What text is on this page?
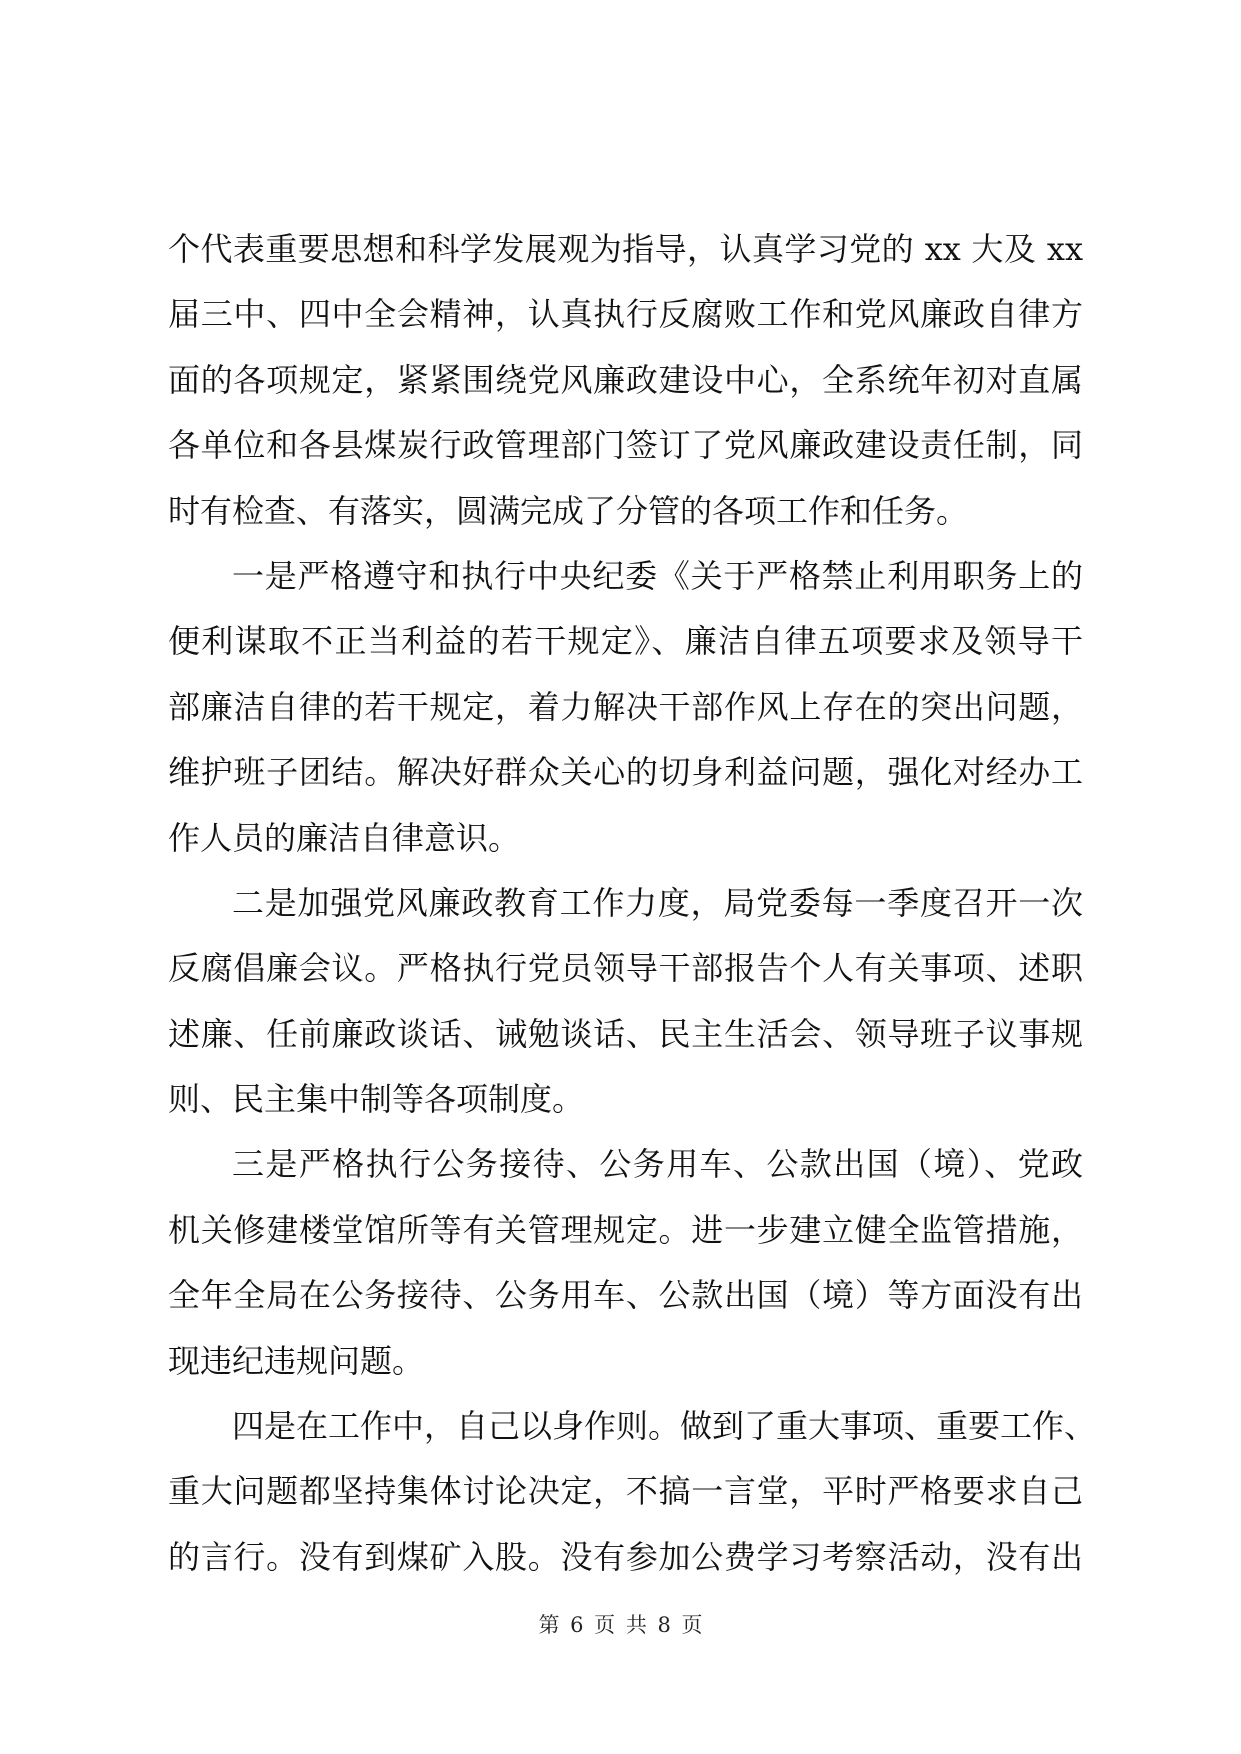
个代表重要思想和科学发展观为指导，认真学习党的 xx 大及 xx
届三中、四中全会精神，认真执行反腐败工作和党风廉政自律方
面的各项规定，紧紧围绕党风廉政建设中心，全系统年初对直属
各单位和各县煤炭行政管理部门签订了党风廉政建设责任制，同
时有检查、有落实，圆满完成了分管的各项工作和任务。
一是严格遵守和执行中央纪委《关于严格禁止利用职务上的
便利谋取不正当利益的若干规定》、廉洁自律五项要求及领导干
部廉洁自律的若干规定，着力解决干部作风上存在的突出问题，
维护班子团结。解决好群众关心的切身利益问题，强化对经办工
作人员的廉洁自律意识。
二是加强党风廉政教育工作力度，局党委每一季度召开一次
反腐倡廉会议。严格执行党员领导干部报告个人有关事项、述职
述廉、任前廉政谈话、诫勉谈话、民主生活会、领导班子议事规
则、民主集中制等各项制度。
三是严格执行公务接待、公务用车、公款出国（境）、党政
机关修建楼堂馆所等有关管理规定。进一步建立健全监管措施，
全年全局在公务接待、公务用车、公款出国（境）等方面没有出
现违纪违规问题。
四是在工作中，自己以身作则。做到了重大事项、重要工作、
重大问题都坚持集体讨论决定，不搞一言堂，平时严格要求自己
的言行。没有到煤矿入股。没有参加公费学习考察活动，没有出
第 6 页 共 8 页
